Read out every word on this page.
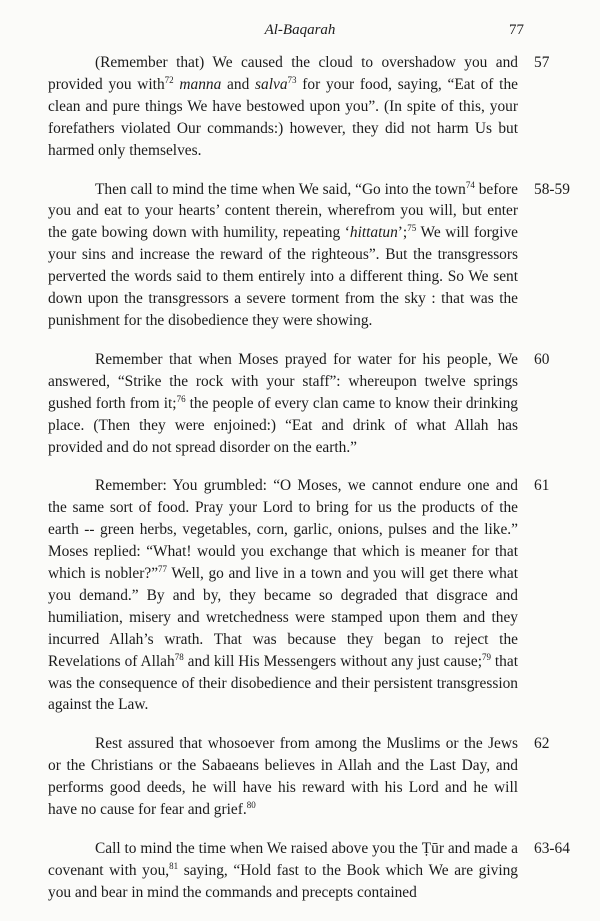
Al-Baqarah	77

(Remember that) We caused the cloud to overshadow you and provided you with$^{72}$ manna and salva$^{73}$ for your food, saying, “Eat of the clean and pure things We have bestowed upon you”. (In spite of this, your forefathers violated Our commands:) however, they did not harm Us but harmed only themselves.

57

Then call to mind the time when We said, “Go into the town$^{74}$ before you and eat to your hearts’ content therein, wherefrom you will, but enter the gate bowing down with humility, repeating ‘hittatun’;$^{75}$ We will forgive your sins and increase the reward of the righteous”. But the transgressors perverted the words said to them entirely into a different thing. So We sent down upon the transgressors a severe torment from the sky : that was the punishment for the disobedience they were showing.

58-59

Remember that when Moses prayed for water for his people, We answered, “Strike the rock with your staff”: whereupon twelve springs gushed forth from it;$^{76}$ the people of every clan came to know their drinking place. (Then they were enjoined:) “Eat and drink of what Allah has provided and do not spread disorder on the earth.”

60

Remember: You grumbled: “O Moses, we cannot endure one and the same sort of food. Pray your Lord to bring for us the products of the earth -- green herbs, vegetables, corn, garlic, onions, pulses and the like.” Moses replied: “What! would you exchange that which is meaner for that which is nobler?”$^{77}$ Well, go and live in a town and you will get there what you demand.” By and by, they became so degraded that disgrace and humiliation, misery and wretchedness were stamped upon them and they incurred Allah’s wrath. That was because they began to reject the Revelations of Allah$^{78}$ and kill His Messengers without any just cause;$^{79}$ that was the consequence of their disobedience and their persistent transgression against the Law.

61

Rest assured that whosoever from among the Muslims or the Jews or the Christians or the Sabaeans believes in Allah and the Last Day, and performs good deeds, he will have his reward with his Lord and he will have no cause for fear and grief.$^{80}$

62

Call to mind the time when We raised above you the Ṭūr and made a covenant with you,$^{81}$ saying, “Hold fast to the Book which We are giving you and bear in mind the commands and precepts contained

63-64
